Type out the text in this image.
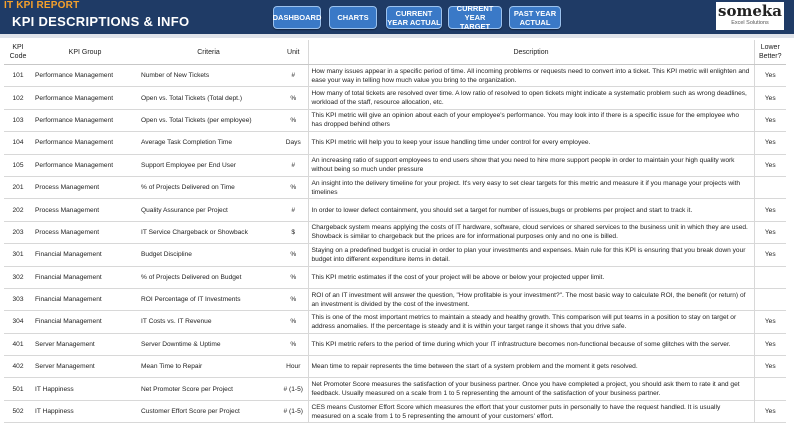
IT KPI REPORT
KPI DESCRIPTIONS & INFO	DASHBOARD	CHARTS	CURRENT YEAR ACTUAL
CURRENT YEAR TARGET
PAST YEAR ACTUAL
someka
Excel Solutions
KPI Code	KPI Group	Criteria	Unit	Description	Lower Better?
101	Performance Management	Number of New Tickets	#	How many issues appear in a specific period of time. All incoming problems or requests need to convert into a ticket. This KPI metric will enlighten and ease your way in telling how much value you bring to the organization.	Yes
102	Performance Management	Open vs. Total Tickets (Total dept.)	%	How many of total tickets are resolved over time. A low ratio of resolved to open tickets might indicate a systematic problem such as wrong deadlines, workload of the staff, resource allocation, etc.	Yes
103	Performance Management	Open vs. Total Tickets (per employee)	%	This KPI metric will give an opinion about each of your employee's performance. You may look into if there is a specific issue for the employee who has dropped behind others	Yes
104	Performance Management	Average Task Completion Time	Days	This KPI metric will help you to keep your issue handling time under control for every employee.	Yes
105	Performance Management	Support Employee per End User	#	An increasing ratio of support employees to end users show that you need to hire more support people in order to maintain your high quality work without being so much under pressure	Yes
201	Process Management	% of Projects Delivered on Time	%	An insight into the delivery timeline for your project. It's very easy to set clear targets for this metric and measure it if you manage your projects with timelines	
202	Process Management	Quality Assurance per Project	#	In order to lower defect containment, you should set a target for number of issues,bugs or problems per project and start to track it.	Yes
203	Process Management	IT Service Chargeback or Showback	$	Chargeback system means applying the costs of IT hardware, software, cloud services or shared services to the business unit in which they are used. Showback is similar to chargeback but the prices are for informational purposes only and no one is billed.	Yes
301	Financial Management	Budget Discipline	%	Staying on a predefined budget is crucial in order to plan your investments and expenses. Main rule for this KPI is ensuring that you break down your budget into different expenditure items in detail.	Yes
302	Financial Management	% of Projects Delivered on Budget	%	This KPI metric estimates if the cost of your project will be above or below your projected upper limit.	
303	Financial Management	ROI Percentage of IT Investments	%	ROI of an IT investment will answer the question, "How profitable is your investment?". The most basic way to calculate ROI, the benefit (or return) of an investment is divided by the cost of the investment.	
304	Financial Management	IT Costs vs. IT Revenue	%	This is one of the most important metrics to maintain a steady and healthy growth. This comparison will put teams in a position to stay on target or address anomalies. If the percentage is steady and it is within your target range it shows that you drive safe.	Yes
401	Server Management	Server Downtime & Uptime	%	This KPI metric refers to the period of time during which your IT infrastructure becomes non-functional because of some glitches with the server.	Yes
402	Server Management	Mean Time to Repair	Hour	Mean time to repair represents the time between the start of a system problem and the moment it gets resolved.	Yes
501	IT Happiness	Net Promoter Score per Project	# (1-5)	Net Promoter Score measures the satisfaction of your business partner. Once you have completed a project, you should ask them to rate it and get feedback. Usually measured on a scale from 1 to 5 representing the amount of the satisfaction of your business partner.	
502	IT Happiness	Customer Effort Score per Project	# (1-5)	CES means Customer Effort Score which measures the effort that your customer puts in personally to have the request handled. It is usually measured on a scale from 1 to 5 representing the amount of your customers' effort.	Yes
